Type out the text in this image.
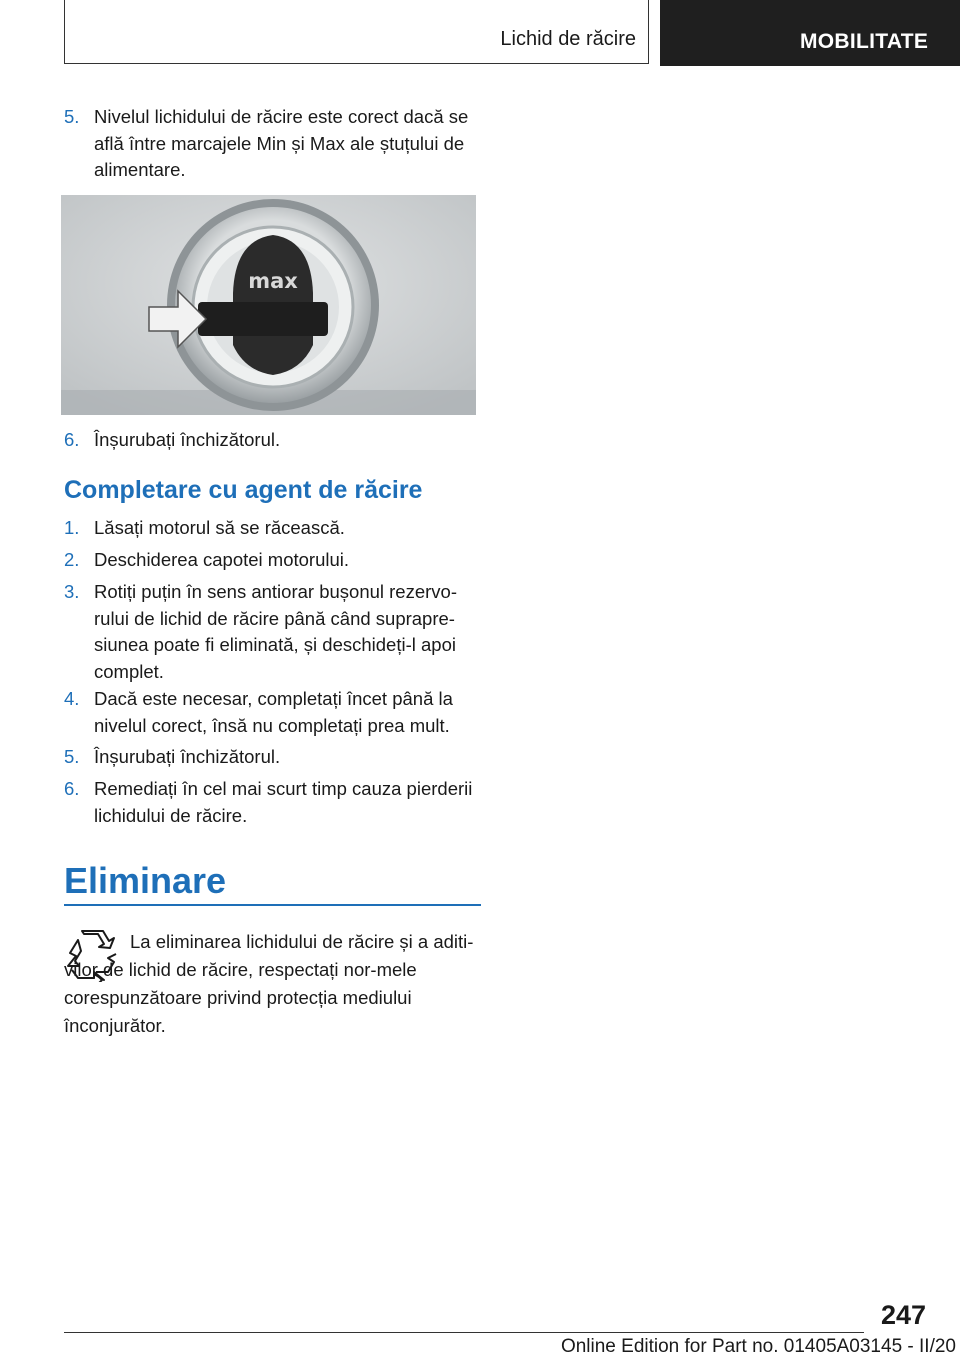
Lichid de răcire	MOBILITATE
5. Nivelul lichidului de răcire este corect dacă se află între marcajele Min și Max ale ștuțului de alimentare.
max
6. Înșurubați închizătorul.
Completare cu agent de răcire
1. Lăsați motorul să se răcească.
2. Deschiderea capotei motorului.
3. Rotiți puțin în sens antiorar bușonul rezervo-rului de lichid de răcire până când suprapre-siunea poate fi eliminată, și deschideți-l apoi complet.
4. Dacă este necesar, completați încet până la nivelul corect, însă nu completați prea mult.
5. Înșurubați închizătorul.
6. Remediați în cel mai scurt timp cauza pierderii lichidului de răcire.
Eliminare
La eliminarea lichidului de răcire și a aditi-vilor de lichid de răcire, respectați nor-mele corespunzătoare privind protecția mediului înconjurător.
247
Online Edition for Part no. 01405A03145 - II/20
